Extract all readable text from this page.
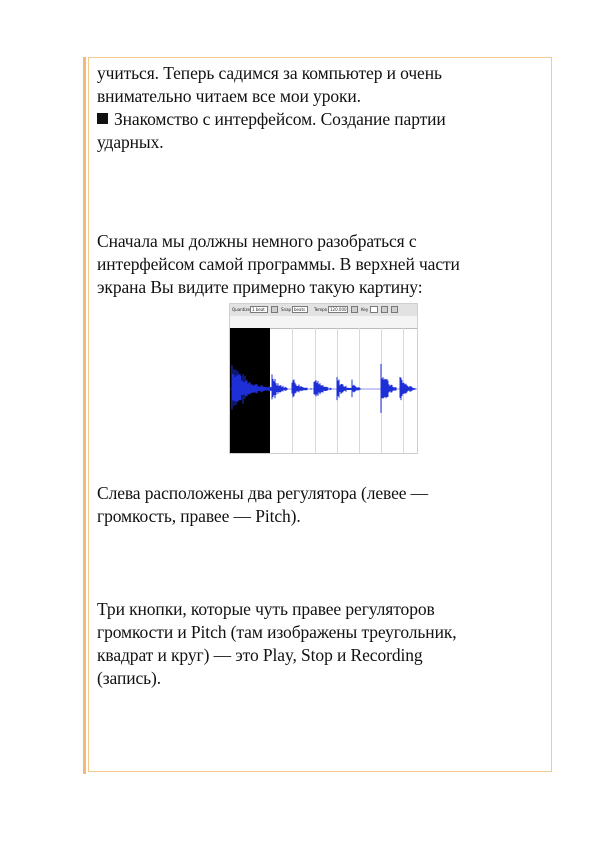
учиться. Теперь садимся за компьютер и очень
внимательно читаем все мои уроки.
Знакомство с интерфейсом. Создание партии
ударных.

Сначала мы должны немного разобраться с
интерфейсом самой программы. В верхней части
экрана Вы видите примерно такую картину:

Слева расположены два регулятора (левее —
громкость, правее — Pitch).

Три кнопки, которые чуть правее регуляторов
громкости и Pitch (там изображены треугольник,
квадрат и круг) — это Play, Stop и Recording
(запись).

Quantize 1 beat	Snap beats Tempo 120.000	Key
